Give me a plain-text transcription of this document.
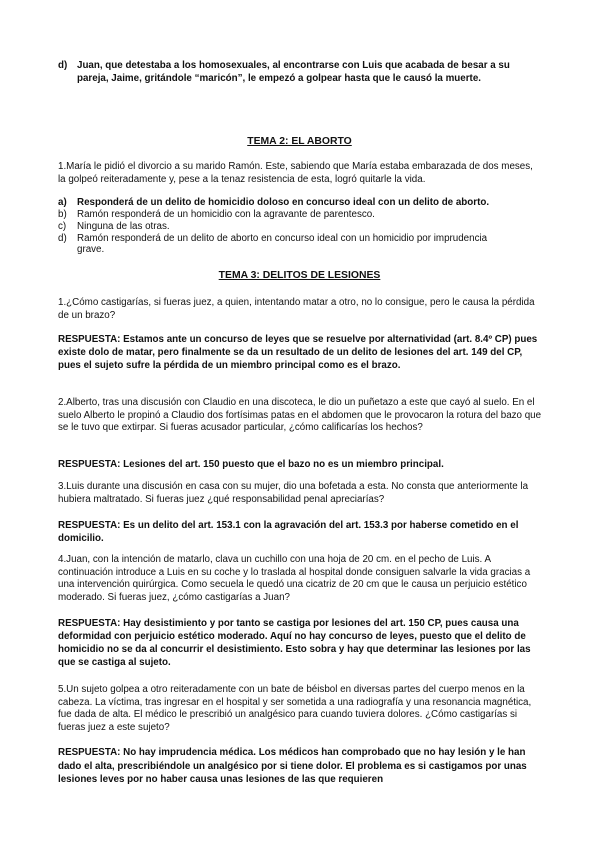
d) Juan, que detestaba a los homosexuales, al encontrarse con Luis que acabada de besar a su pareja, Jaime, gritándole “maricón”, le empezó a golpear hasta que le causó la muerte.
TEMA 2: EL ABORTO
1.María le pidió el divorcio a su marido Ramón. Este, sabiendo que María estaba embarazada de dos meses, la golpeó reiteradamente y, pese a la tenaz resistencia de esta, logró quitarle la vida.
a)	Responderá de un delito de homicidio doloso en concurso ideal con un delito de aborto.
b)	Ramón responderá de un homicidio con la agravante de parentesco.
c)	Ninguna de las otras.
d)	Ramón responderá de un delito de aborto en concurso ideal con un homicidio por imprudencia grave.
TEMA 3: DELITOS DE LESIONES
1.¿Cómo castigarías, si fueras juez, a quien, intentando matar a otro, no lo consigue, pero le causa la pérdida de un brazo?
RESPUESTA: Estamos ante un concurso de leyes que se resuelve por alternatividad (art. 8.4º CP) pues existe dolo de matar, pero finalmente se da un resultado de un delito de lesiones del art. 149 del CP, pues el sujeto sufre la pérdida de un miembro principal como es el brazo.
2.Alberto, tras una discusión con Claudio en una discoteca, le dio un puñetazo a este que cayó al suelo. En el suelo Alberto le propinó a Claudio dos fortísimas patas en el abdomen que le provocaron la rotura del bazo que se le tuvo que extirpar. Si fueras acusador particular, ¿cómo calificarías los hechos?
RESPUESTA: Lesiones del art. 150 puesto que el bazo no es un miembro principal.
3.Luis durante una discusión en casa con su mujer, dio una bofetada a esta. No consta que anteriormente la hubiera maltratado. Si fueras juez ¿qué responsabilidad penal apreciarías?
RESPUESTA: Es un delito del art. 153.1 con la agravación del art. 153.3 por haberse cometido en el domicilio.
4.Juan, con la intención de matarlo, clava un cuchillo con una hoja de 20 cm. en el pecho de Luis. A continuación introduce a Luis en su coche y lo traslada al hospital donde consiguen salvarle la vida gracias a una intervención quirúrgica. Como secuela le quedó una cicatriz de 20 cm que le causa un perjuicio estético moderado. Si fueras juez, ¿cómo castigarías a Juan?
RESPUESTA: Hay desistimiento y por tanto se castiga por lesiones del art. 150 CP, pues causa una deformidad con perjuicio estético moderado. Aquí no hay concurso de leyes, puesto que el delito de homicidio no se da al concurrir el desistimiento. Esto sobra y hay que determinar las lesiones por las que se castiga al sujeto.
5.Un sujeto golpea a otro reiteradamente con un bate de béisbol en diversas partes del cuerpo menos en la cabeza. La víctima, tras ingresar en el hospital y ser sometida a una radiografía y una resonancia magnética, fue dada de alta. El médico le prescribió un analgésico para cuando tuviera dolores. ¿Cómo castigarías si fueras juez a este sujeto?
RESPUESTA: No hay imprudencia médica. Los médicos han comprobado que no hay lesión y le han dado el alta, prescribiéndole un analgésico por si tiene dolor. El problema es si castigamos por unas lesiones leves por no haber causa unas lesiones de las que requieren
